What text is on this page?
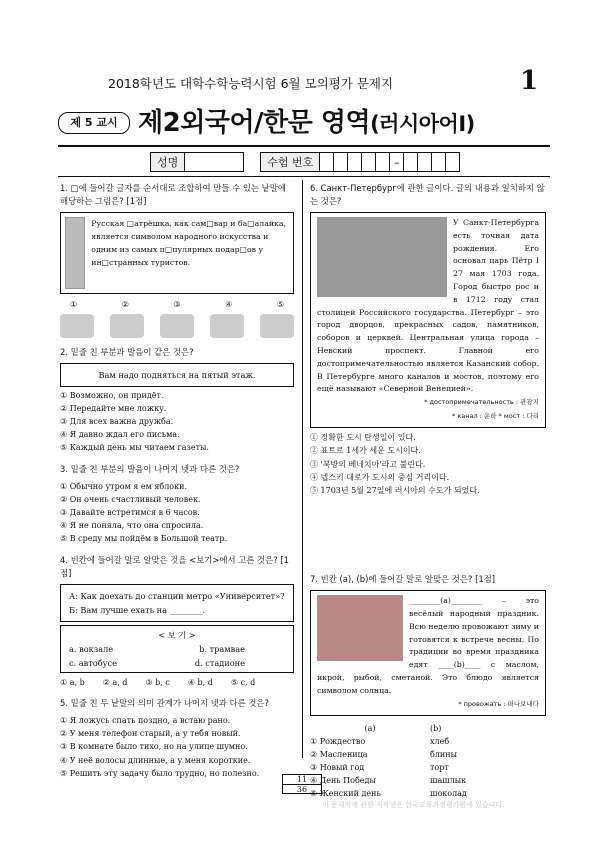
2018학년도 대학수학능력시험 6월 모의평가 문제지	1
제 5 교시 제2외국어/한문 영역(러시아어Ⅰ)
성명	수험 번호	–
1. □에 들어갈 글자를 순서대로 조합하여 만들 수 있는 낱말에 해당하는 그림은? [1점]
Русская □атрёшка, как сам□вар и ба□алайка, является символом народного искусства и одним из самых п□пулярных подар□ов у ин□странных туристов.
①	②	③	④	⑤
2. 밑줄 친 부분과 발음이 같은 것은?
Вам надо подняться на пятый этаж.
① Возможно, он придёт.
② Передайте мне ложку.
③ Для всех важна дружба.
④ Я давно ждал его письма.
⑤ Каждый день мы читаем газеты.
3. 밑줄 친 부분의 발음이 나머지 넷과 다른 것은?
① Обычно утром я ем яблоки.
② Он очень счастливый человек.
③ Давайте встретимся в 6 часов.
④ Я не поняла, что она спросила.
⑤ В среду мы пойдём в Большой театр.
4. 빈칸에 들어갈 말로 알맞은 것을 <보기>에서 고른 것은? [1점]
А: Как доехать до станции метро «Университет»?
Б: Вам лучше ехать на ________.
< 보 기 >
a. вокзале	b. трамвае
c. автобусе	d. стадионе
① a, b ② a, d ③ b, c ④ b, d ⑤ c, d
5. 밑줄 친 두 낱말의 의미 관계가 나머지 넷과 다른 것은?
① Я ложусь спать поздно, а встаю рано.
② У меня телефон старый, а у тебя новый.
③ В комнате было тихо, но на улице шумно.
④ У неё волосы длинные, а у меня короткие.
⑤ Решить эту задачу было трудно, но полезно.
6. Санкт-Петербург에 관한 글이다. 글의 내용과 일치하지 않는 것은?
У Санкт-Петербурга есть точная дата рождения. Его основал царь Пётр I 27 мая 1703 года. Город быстро рос и в 1712 году стал столицей Российского государства. Петербург – это город дворцов, прекрасных садов, памятников, соборов и церквей. Центральная улица города – Невский проспект. Главной его достопримечательностью является Казанский собор. В Петербурге много каналов и мостов, поэтому его ещё называют «Северной Венецией».
* достопримечательность : 관광지
* канал : 운하 * мост : 다리
① 정확한 도시 탄생일이 있다.
② 표트르 1세가 세운 도시이다.
③ '북방의 베네치아'라고 불린다.
④ 넵스키 대로가 도시의 중심 거리이다.
⑤ 1703년 5월 27일에 러시아의 수도가 되었다.
7. 빈칸 (a), (b)에 들어갈 말로 알맞은 것은? [1점]
________(a)________ – это весёлый народный праздник. Всю неделю провожают зиму и готовятся к встрече весны. По традиции во время праздника едят ____(b)____ с маслом, икрой, рыбой, сметаной. Это блюдо является символом солнца.
* провожать : 떠나보내다
(a)	(b)
① Рождество	хлеб
② Масленица	блины
③ Новый год	торт
④ День Победы	шашлык
⑤ Женский день	шоколад
$\frac{11}{36}$
이 문제지에 관한 저작권은 한국교육과정평가원에 있습니다.
